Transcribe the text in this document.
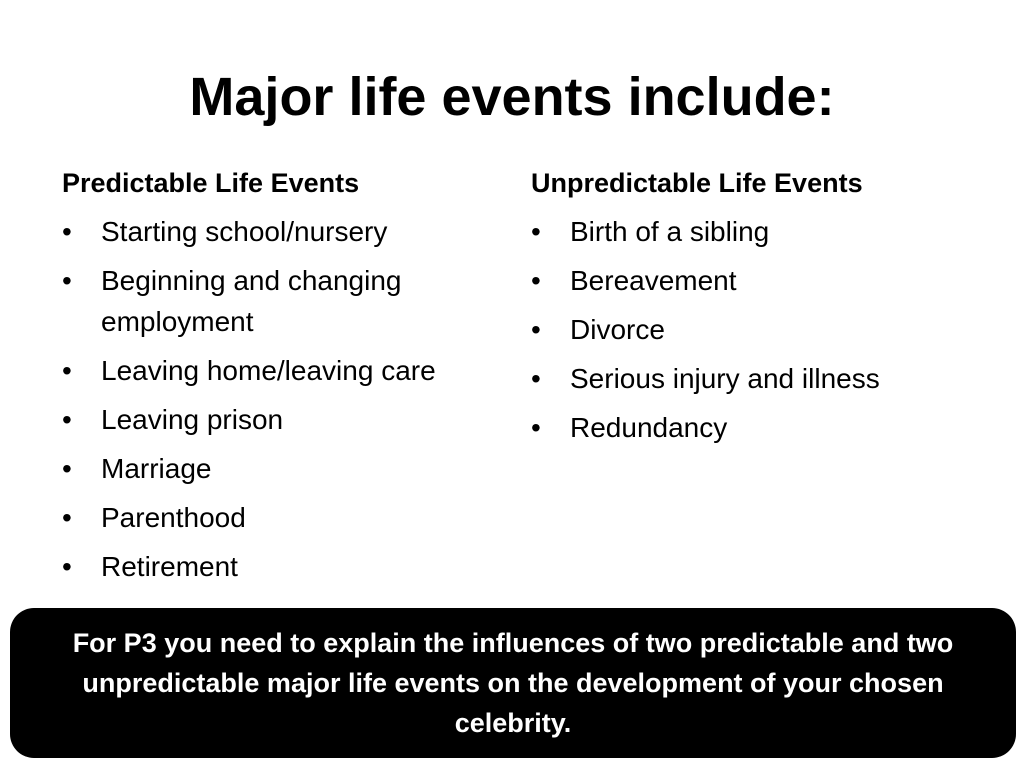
Major life events include:
Predictable Life Events
•	Starting school/nursery
•	Beginning and changing employment
•	Leaving home/leaving care
•	Leaving prison
•	Marriage
•	Parenthood
•	Retirement
Unpredictable Life Events
•	Birth of a sibling
•	Bereavement
•	Divorce
•	Serious injury and illness
•	Redundancy

For P3 you need to explain the influences of two predictable and two unpredictable major life events on the development of your chosen celebrity.
